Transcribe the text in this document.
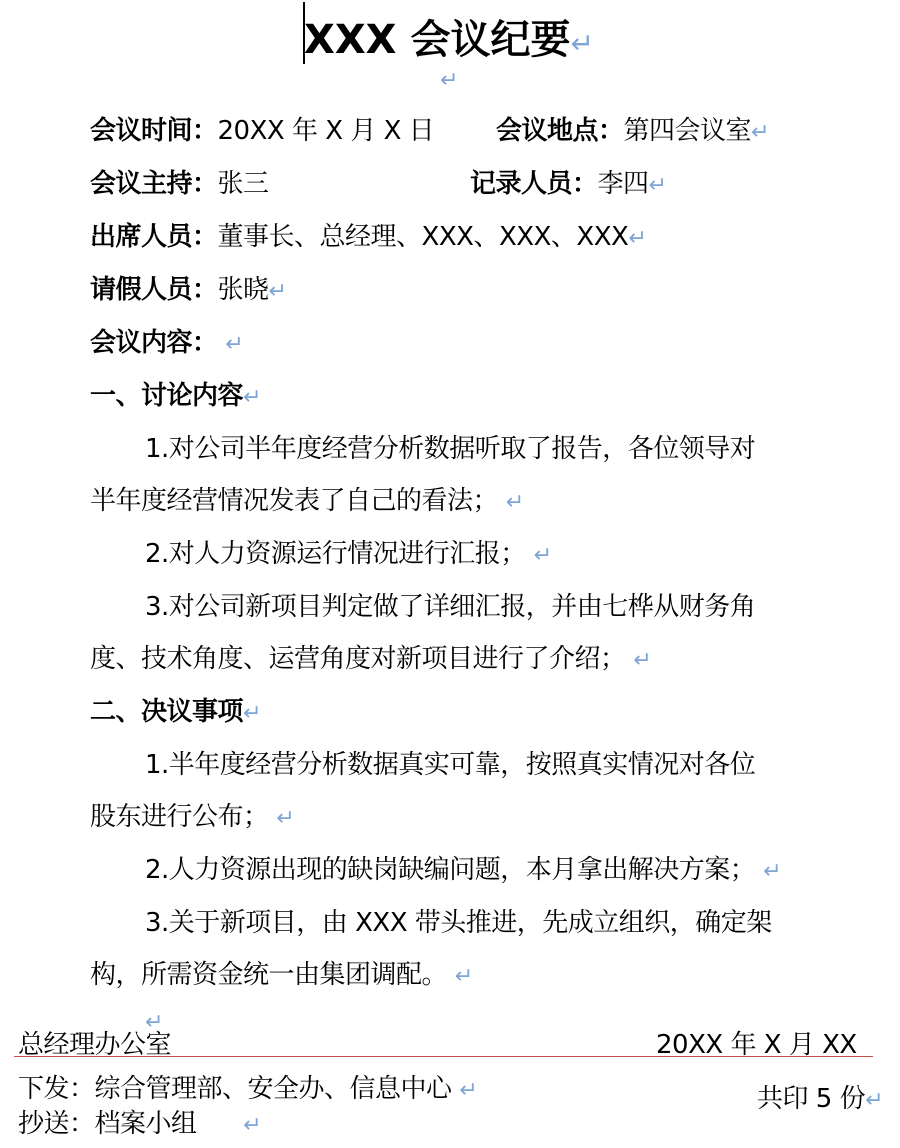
XXX 会议纪要↵
↵
会议时间：20XX 年 X 月 X 日 会议地点：第四会议室↵
会议主持：张三	记录人员：李四↵
出席人员：董事长、总经理、XXX、XXX、XXX↵
请假人员：张晓↵
会议内容： ↵
一、讨论内容↵
1.对公司半年度经营分析数据听取了报告，各位领导对
半年度经营情况发表了自己的看法； ↵
2.对人力资源运行情况进行汇报； ↵
3.对公司新项目判定做了详细汇报，并由七桦从财务角
度、技术角度、运营角度对新项目进行了介绍； ↵
二、决议事项↵
1.半年度经营分析数据真实可靠，按照真实情况对各位
股东进行公布； ↵
2.人力资源出现的缺岗缺编问题，本月拿出解决方案； ↵
3.关于新项目，由 XXX 带头推进，先成立组织，确定架
构，所需资金统一由集团调配。 ↵
↵
总经理办公室	20XX 年 X 月 XX
下发：综合管理部、安全办、信息中心 ↵	共印 5 份↵
抄送：档案小组 ↵
